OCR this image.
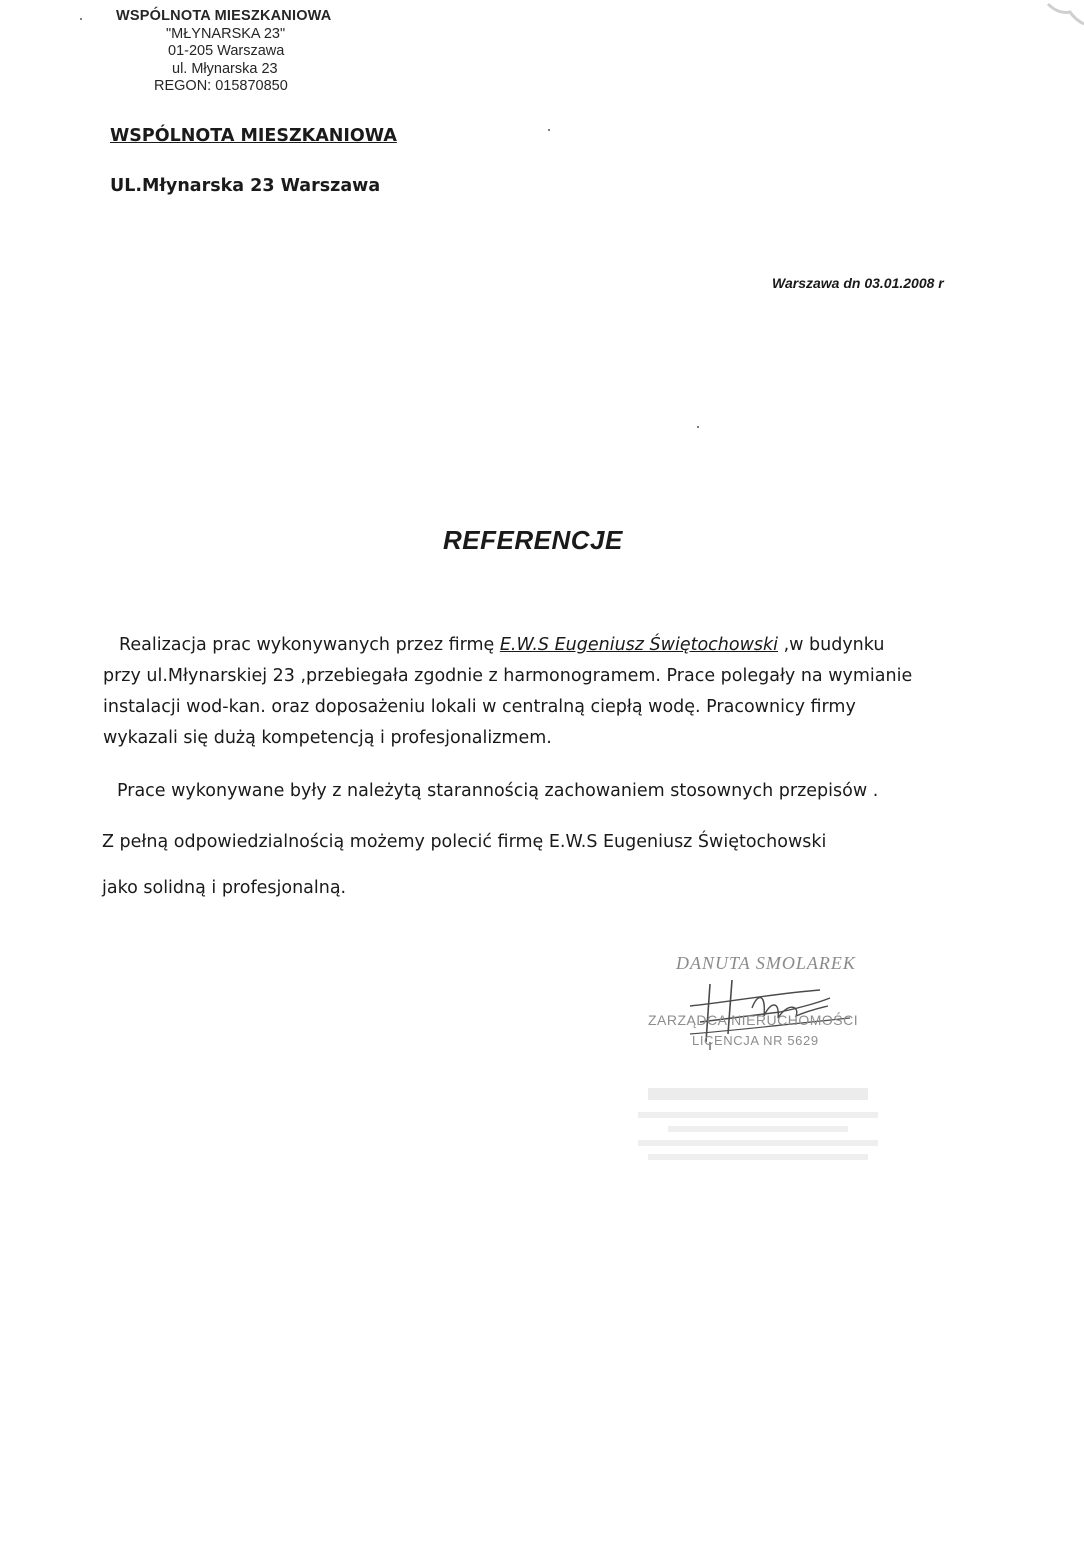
WSPÓLNOTA MIESZKANIOWA
"MŁYNARSKA 23"
01-205 Warszawa
ul. Młynarska 23
REGON: 015870850
WSPÓLNOTA MIESZKANIOWA
UL.Młynarska 23 Warszawa
Warszawa dn 03.01.2008 r
REFERENCJE
Realizacja prac wykonywanych przez firmę E.W.S Eugeniusz Świętochowski ,w budynku
przy ul.Młynarskiej 23 ,przebiegała zgodnie z harmonogramem. Prace polegały na wymianie
instalacji wod-kan. oraz doposażeniu lokali w centralną ciepłą wodę. Pracownicy firmy
wykazali się dużą kompetencją i profesjonalizmem.
Prace wykonywane były z należytą starannością zachowaniem stosownych przepisów .
Z pełną odpowiedzialnością możemy polecić firmę E.W.S Eugeniusz Świętochowski
jako solidną i profesjonalną.
DANUTA SMOLAREK
ZARZĄDCA NIERUCHOMOŚCI
LICENCJA NR 5629
